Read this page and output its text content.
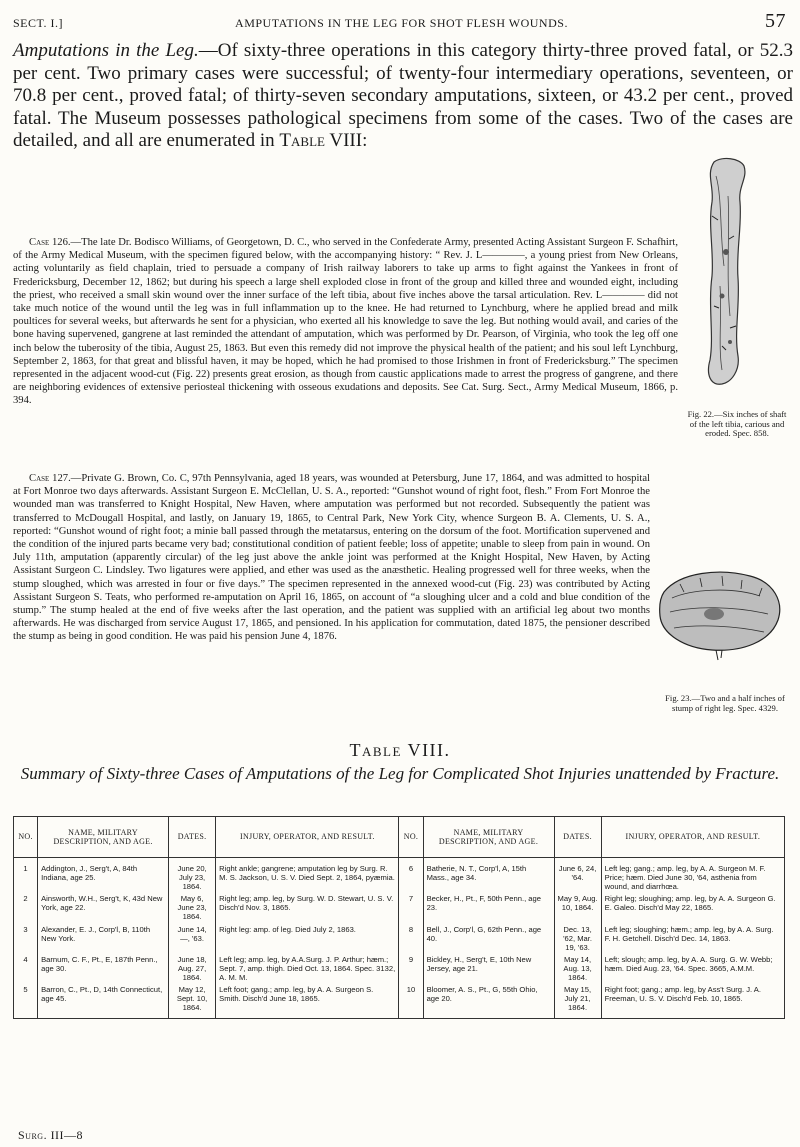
SECT. I.]	AMPUTATIONS IN THE LEG FOR SHOT FLESH WOUNDS.	57
Amputations in the Leg.—Of sixty-three operations in this category thirty-three proved fatal, or 52.3 per cent. Two primary cases were successful; of twenty-four intermediary operations, seventeen, or 70.8 per cent., proved fatal; of thirty-seven secondary amputations, sixteen, or 43.2 per cent., proved fatal. The Museum possesses pathological specimens from some of the cases. Two of the cases are detailed, and all are enumerated in Table VIII:
Fig. 22.—Six inches of shaft of the left tibia, carious and eroded. Spec. 858.
Case 126.—The late Dr. Bodisco Williams, of Georgetown, D. C., who served in the Confederate Army, presented Acting Assistant Surgeon F. Schafhirt, of the Army Medical Museum, with the specimen figured below, with the accompanying history: “ Rev. J. L————, a young priest from New Orleans, acting voluntarily as field chaplain, tried to persuade a company of Irish railway laborers to take up arms to fight against the Yankees in front of Fredericksburg, December 12, 1862; but during his speech a large shell exploded close in front of the group and killed three and wounded eight, including the priest, who received a small skin wound over the inner surface of the left tibia, about five inches above the tarsal articulation. Rev. L———— did not take much notice of the wound until the leg was in full inflammation up to the knee. He had returned to Lynchburg, where he applied bread and milk poultices for several weeks, but afterwards he sent for a physician, who exerted all his knowledge to save the leg. But nothing would avail, and caries of the bone having supervened, gangrene at last reminded the attendant of amputation, which was performed by Dr. Pearson, of Virginia, who took the leg off one inch below the tuberosity of the tibia, August 25, 1863. But even this remedy did not improve the physical health of the patient; and his soul left Lynchburg, September 2, 1863, for that great and blissful haven, it may be hoped, which he had promised to those Irishmen in front of Fredericksburg.” The specimen represented in the adjacent wood-cut (Fig. 22) presents great erosion, as though from caustic applications made to arrest the progress of gangrene, and there are neighboring evidences of extensive periosteal thickening with osseous exudations and deposits. See Cat. Surg. Sect., Army Medical Museum, 1866, p. 394.
Fig. 23.—Two and a half inches of stump of right leg. Spec. 4329.
Case 127.—Private G. Brown, Co. C, 97th Pennsylvania, aged 18 years, was wounded at Petersburg, June 17, 1864, and was admitted to hospital at Fort Monroe two days afterwards. Assistant Surgeon E. McClellan, U. S. A., reported: “Gunshot wound of right foot, flesh.” From Fort Monroe the wounded man was transferred to Knight Hospital, New Haven, where amputation was performed but not recorded. Subsequently the patient was transferred to McDougall Hospital, and lastly, on January 19, 1865, to Central Park, New York City, whence Surgeon B. A. Clements, U. S. A., reported: “Gunshot wound of right foot; a minie ball passed through the metatarsus, entering on the dorsum of the foot. Mortification supervened and the condition of the injured parts became very bad; constitutional condition of patient feeble; loss of appetite; unable to sleep from pain in wound. On July 11th, amputation (apparently circular) of the leg just above the ankle joint was performed at the Knight Hospital, New Haven, by Acting Assistant Surgeon C. Lindsley. Two ligatures were applied, and ether was used as the anæsthetic. Healing progressed well for three weeks, when the stump sloughed, which was arrested in four or five days.” The specimen represented in the annexed wood-cut (Fig. 23) was contributed by Acting Assistant Surgeon S. Teats, who performed re-amputation on April 16, 1865, on account of “a sloughing ulcer and a cold and blue condition of the stump.” The stump healed at the end of five weeks after the last operation, and the patient was supplied with an artificial leg about two months afterwards. He was discharged from service August 17, 1865, and pensioned. In his application for commutation, dated 1875, the pensioner described the stump as being in good condition. He was paid his pension June 4, 1876.
Table VIII.
Summary of Sixty-three Cases of Amputations of the Leg for Complicated Shot Injuries unattended by Fracture.
NO.	NAME, MILITARY DESCRIPTION, AND AGE.	DATES.	INJURY, OPERATOR, AND RESULT.	NO.	NAME, MILITARY DESCRIPTION, AND AGE.	DATES.	INJURY, OPERATOR, AND RESULT.
1	Addington, J., Serg't, A, 84th Indiana, age 25.	June 20, July 23, 1864.	Right ankle; gangrene; amputation leg by Surg. R. M. S. Jackson, U. S. V. Died Sept. 2, 1864, pyæmia.	6	Batherie, N. T., Corp'l, A, 15th Mass., age 34.	June 6, 24, '64.	Left leg; gang.; amp. leg, by A. A. Surgeon M. F. Price; hæm. Died June 30, '64, asthenia from wound, and diarrhœa.
2	Ainsworth, W.H., Serg't, K, 43d New York, age 22.	May 6, June 23, 1864.	Right leg; amp. leg, by Surg. W. D. Stewart, U. S. V. Disch'd Nov. 3, 1865.	7	Becker, H., Pt., F, 50th Penn., age 23.	May 9, Aug. 10, 1864.	Right leg; sloughing; amp. leg, by A. A. Surgeon G. E. Galeo. Disch'd May 22, 1865.
3	Alexander, E. J., Corp'l, B, 110th New York.	June 14, —, '63.	Right leg: amp. of leg. Died July 2, 1863.	8	Bell, J., Corp'l, G, 62th Penn., age 40.	Dec. 13, '62, Mar. 19, '63.	Left leg; sloughing; hæm.; amp. leg, by A. A. Surg. F. H. Getchell. Disch'd Dec. 14, 1863.
4	Barnum, C. F., Pt., E, 187th Penn., age 30.	June 18, Aug. 27, 1864.	Left leg; amp. leg, by A.A.Surg. J. P. Arthur; hæm.; Sept. 7, amp. thigh. Died Oct. 13, 1864. Spec. 3132, A. M. M.	9	Bickley, H., Serg't, E, 10th New Jersey, age 21.	May 14, Aug. 13, 1864.	Left; slough; amp. leg, by A. A. Surg. G. W. Webb; hæm. Died Aug. 23, '64. Spec. 3665, A.M.M.
5	Barron, C., Pt., D, 14th Connecticut, age 45.	May 12, Sept. 10, 1864.	Left foot; gang.; amp. leg, by A. A. Surgeon S. Smith. Disch'd June 18, 1865.	10	Bloomer, A. S., Pt., G, 55th Ohio, age 20.	May 15, July 21, 1864.	Right foot; gang.; amp. leg, by Ass't Surg. J. A. Freeman, U. S. V. Disch'd Feb. 10, 1865.
Surg. III—8
